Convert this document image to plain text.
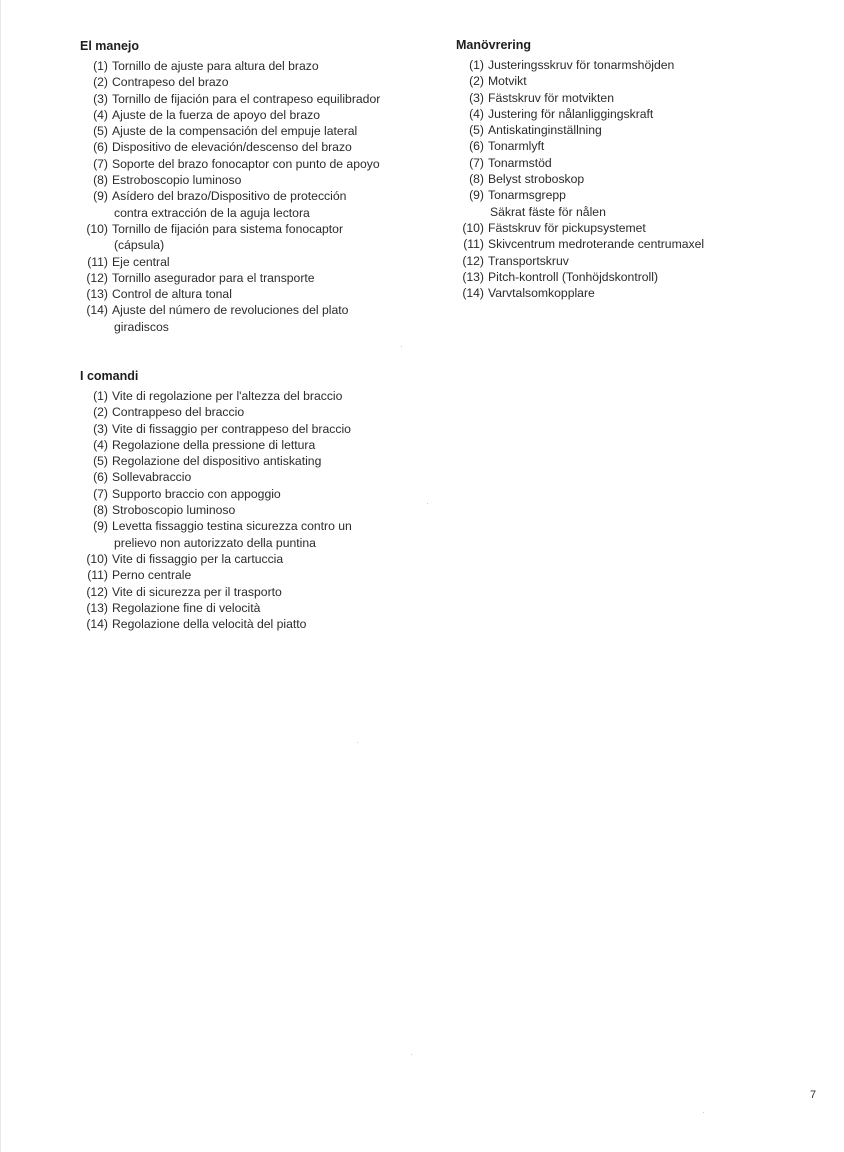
El manejo
(1) Tornillo de ajuste para altura del brazo
(2) Contrapeso del brazo
(3) Tornillo de fijación para el contrapeso equilibrador
(4) Ajuste de la fuerza de apoyo del brazo
(5) Ajuste de la compensación del empuje lateral
(6) Dispositivo de elevación/descenso del brazo
(7) Soporte del brazo fonocaptor con punto de apoyo
(8) Estroboscopio luminoso
(9) Asídero del brazo/Dispositivo de protección
contra extracción de la aguja lectora
(10) Tornillo de fijación para sistema fonocaptor
(cápsula)
(11) Eje central
(12) Tornillo asegurador para el transporte
(13) Control de altura tonal
(14) Ajuste del número de revoluciones del plato
giradiscos
Manövrering
(1) Justeringsskruv för tonarmshöjden
(2) Motvikt
(3) Fästskruv för motvikten
(4) Justering för nålanliggingskraft
(5) Antiskatinginställning
(6) Tonarmlyft
(7) Tonarmstöd
(8) Belyst stroboskop
(9) Tonarmsgrepp
Säkrat fäste för nålen
(10) Fästskruv för pickupsystemet
(11) Skivcentrum medroterande centrumaxel
(12) Transportskruv
(13) Pitch-kontroll (Tonhöjdskontroll)
(14) Varvtalsomkopplare
I comandi
(1) Vite di regolazione per l'altezza del braccio
(2) Contrappeso del braccio
(3) Vite di fissaggio per contrappeso del braccio
(4) Regolazione della pressione di lettura
(5) Regolazione del dispositivo antiskating
(6) Sollevabraccio
(7) Supporto braccio con appoggio
(8) Stroboscopio luminoso
(9) Levetta fissaggio testina sicurezza contro un
prelievo non autorizzato della puntina
(10) Vite di fissaggio per la cartuccia
(11) Perno centrale
(12) Vite di sicurezza per il trasporto
(13) Regolazione fine di velocità
(14) Regolazione della velocità del piatto
7
